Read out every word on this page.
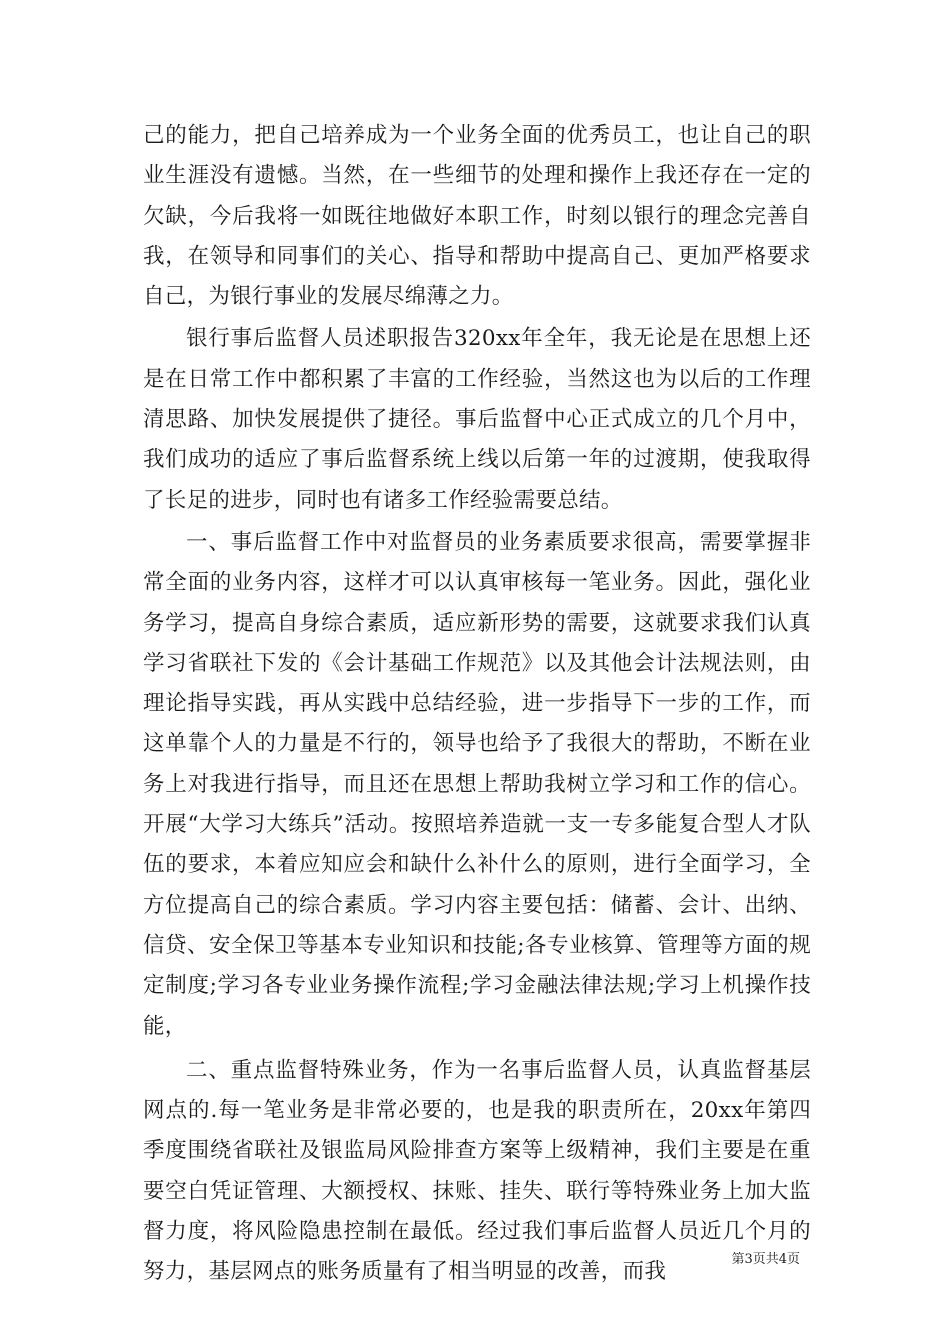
己的能力，把自己培养成为一个业务全面的优秀员工，也让自己的职业生涯没有遗憾。当然，在一些细节的处理和操作上我还存在一定的欠缺，今后我将一如既往地做好本职工作，时刻以银行的理念完善自我，在领导和同事们的关心、指导和帮助中提高自己、更加严格要求自己，为银行事业的发展尽绵薄之力。

银行事后监督人员述职报告320xx年全年，我无论是在思想上还是在日常工作中都积累了丰富的工作经验，当然这也为以后的工作理清思路、加快发展提供了捷径。事后监督中心正式成立的几个月中，我们成功的适应了事后监督系统上线以后第一年的过渡期，使我取得了长足的进步，同时也有诸多工作经验需要总结。

一、事后监督工作中对监督员的业务素质要求很高，需要掌握非常全面的业务内容，这样才可以认真审核每一笔业务。因此，强化业务学习，提高自身综合素质，适应新形势的需要，这就要求我们认真学习省联社下发的《会计基础工作规范》以及其他会计法规法则，由理论指导实践，再从实践中总结经验，进一步指导下一步的工作，而这单靠个人的力量是不行的，领导也给予了我很大的帮助，不断在业务上对我进行指导，而且还在思想上帮助我树立学习和工作的信心。开展“大学习大练兵”活动。按照培养造就一支一专多能复合型人才队伍的要求，本着应知应会和缺什么补什么的原则，进行全面学习，全方位提高自己的综合素质。学习内容主要包括：储蓄、会计、出纳、信贷、安全保卫等基本专业知识和技能;各专业核算、管理等方面的规定制度;学习各专业业务操作流程;学习金融法律法规;学习上机操作技能，

二、重点监督特殊业务，作为一名事后监督人员，认真监督基层网点的.每一笔业务是非常必要的，也是我的职责所在，20xx年第四季度围绕省联社及银监局风险排查方案等上级精神，我们主要是在重要空白凭证管理、大额授权、抹账、挂失、联行等特殊业务上加大监督力度，将风险隐患控制在最低。经过我们事后监督人员近几个月的努力，基层网点的账务质量有了相当明显的改善，而我	第3页共4页
